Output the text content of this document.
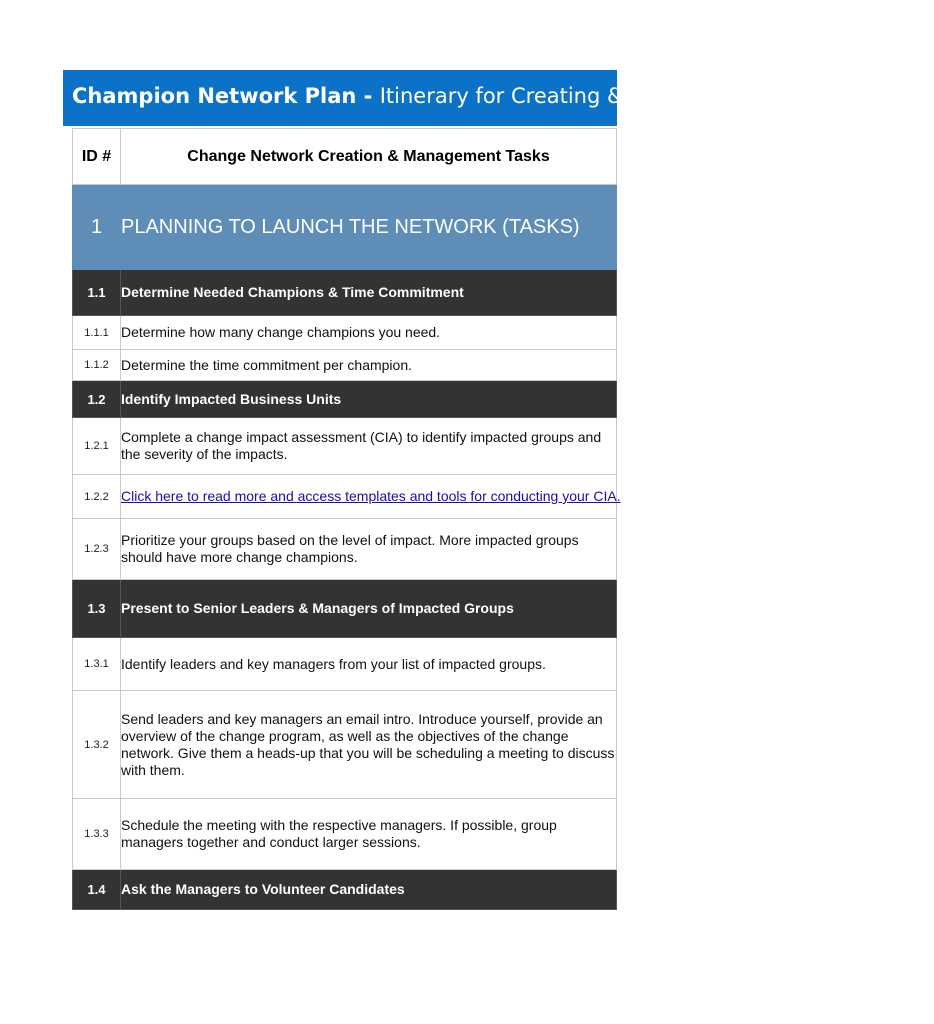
Champion Network Plan - Itinerary for Creating & Managing a Change Network
ID #	Change Network Creation & Management Tasks
1	PLANNING TO LAUNCH THE NETWORK (TASKS)
1.1	Determine Needed Champions & Time Commitment
1.1.1	Determine how many change champions you need.
1.1.2	Determine the time commitment per champion.
1.2	Identify Impacted Business Units
1.2.1	Complete a change impact assessment (CIA) to identify impacted groups and the severity of the impacts.
1.2.2	Click here to read more and access templates and tools for conducting your CIA.
1.2.3	Prioritize your groups based on the level of impact. More impacted groups should have more change champions.
1.3	Present to Senior Leaders & Managers of Impacted Groups
1.3.1	Identify leaders and key managers from your list of impacted groups.
1.3.2	Send leaders and key managers an email intro. Introduce yourself, provide an overview of the change program, as well as the objectives of the change network. Give them a heads-up that you will be scheduling a meeting to discuss with them.
1.3.3	Schedule the meeting with the respective managers. If possible, group managers together and conduct larger sessions.
1.4	Ask the Managers to Volunteer Candidates
